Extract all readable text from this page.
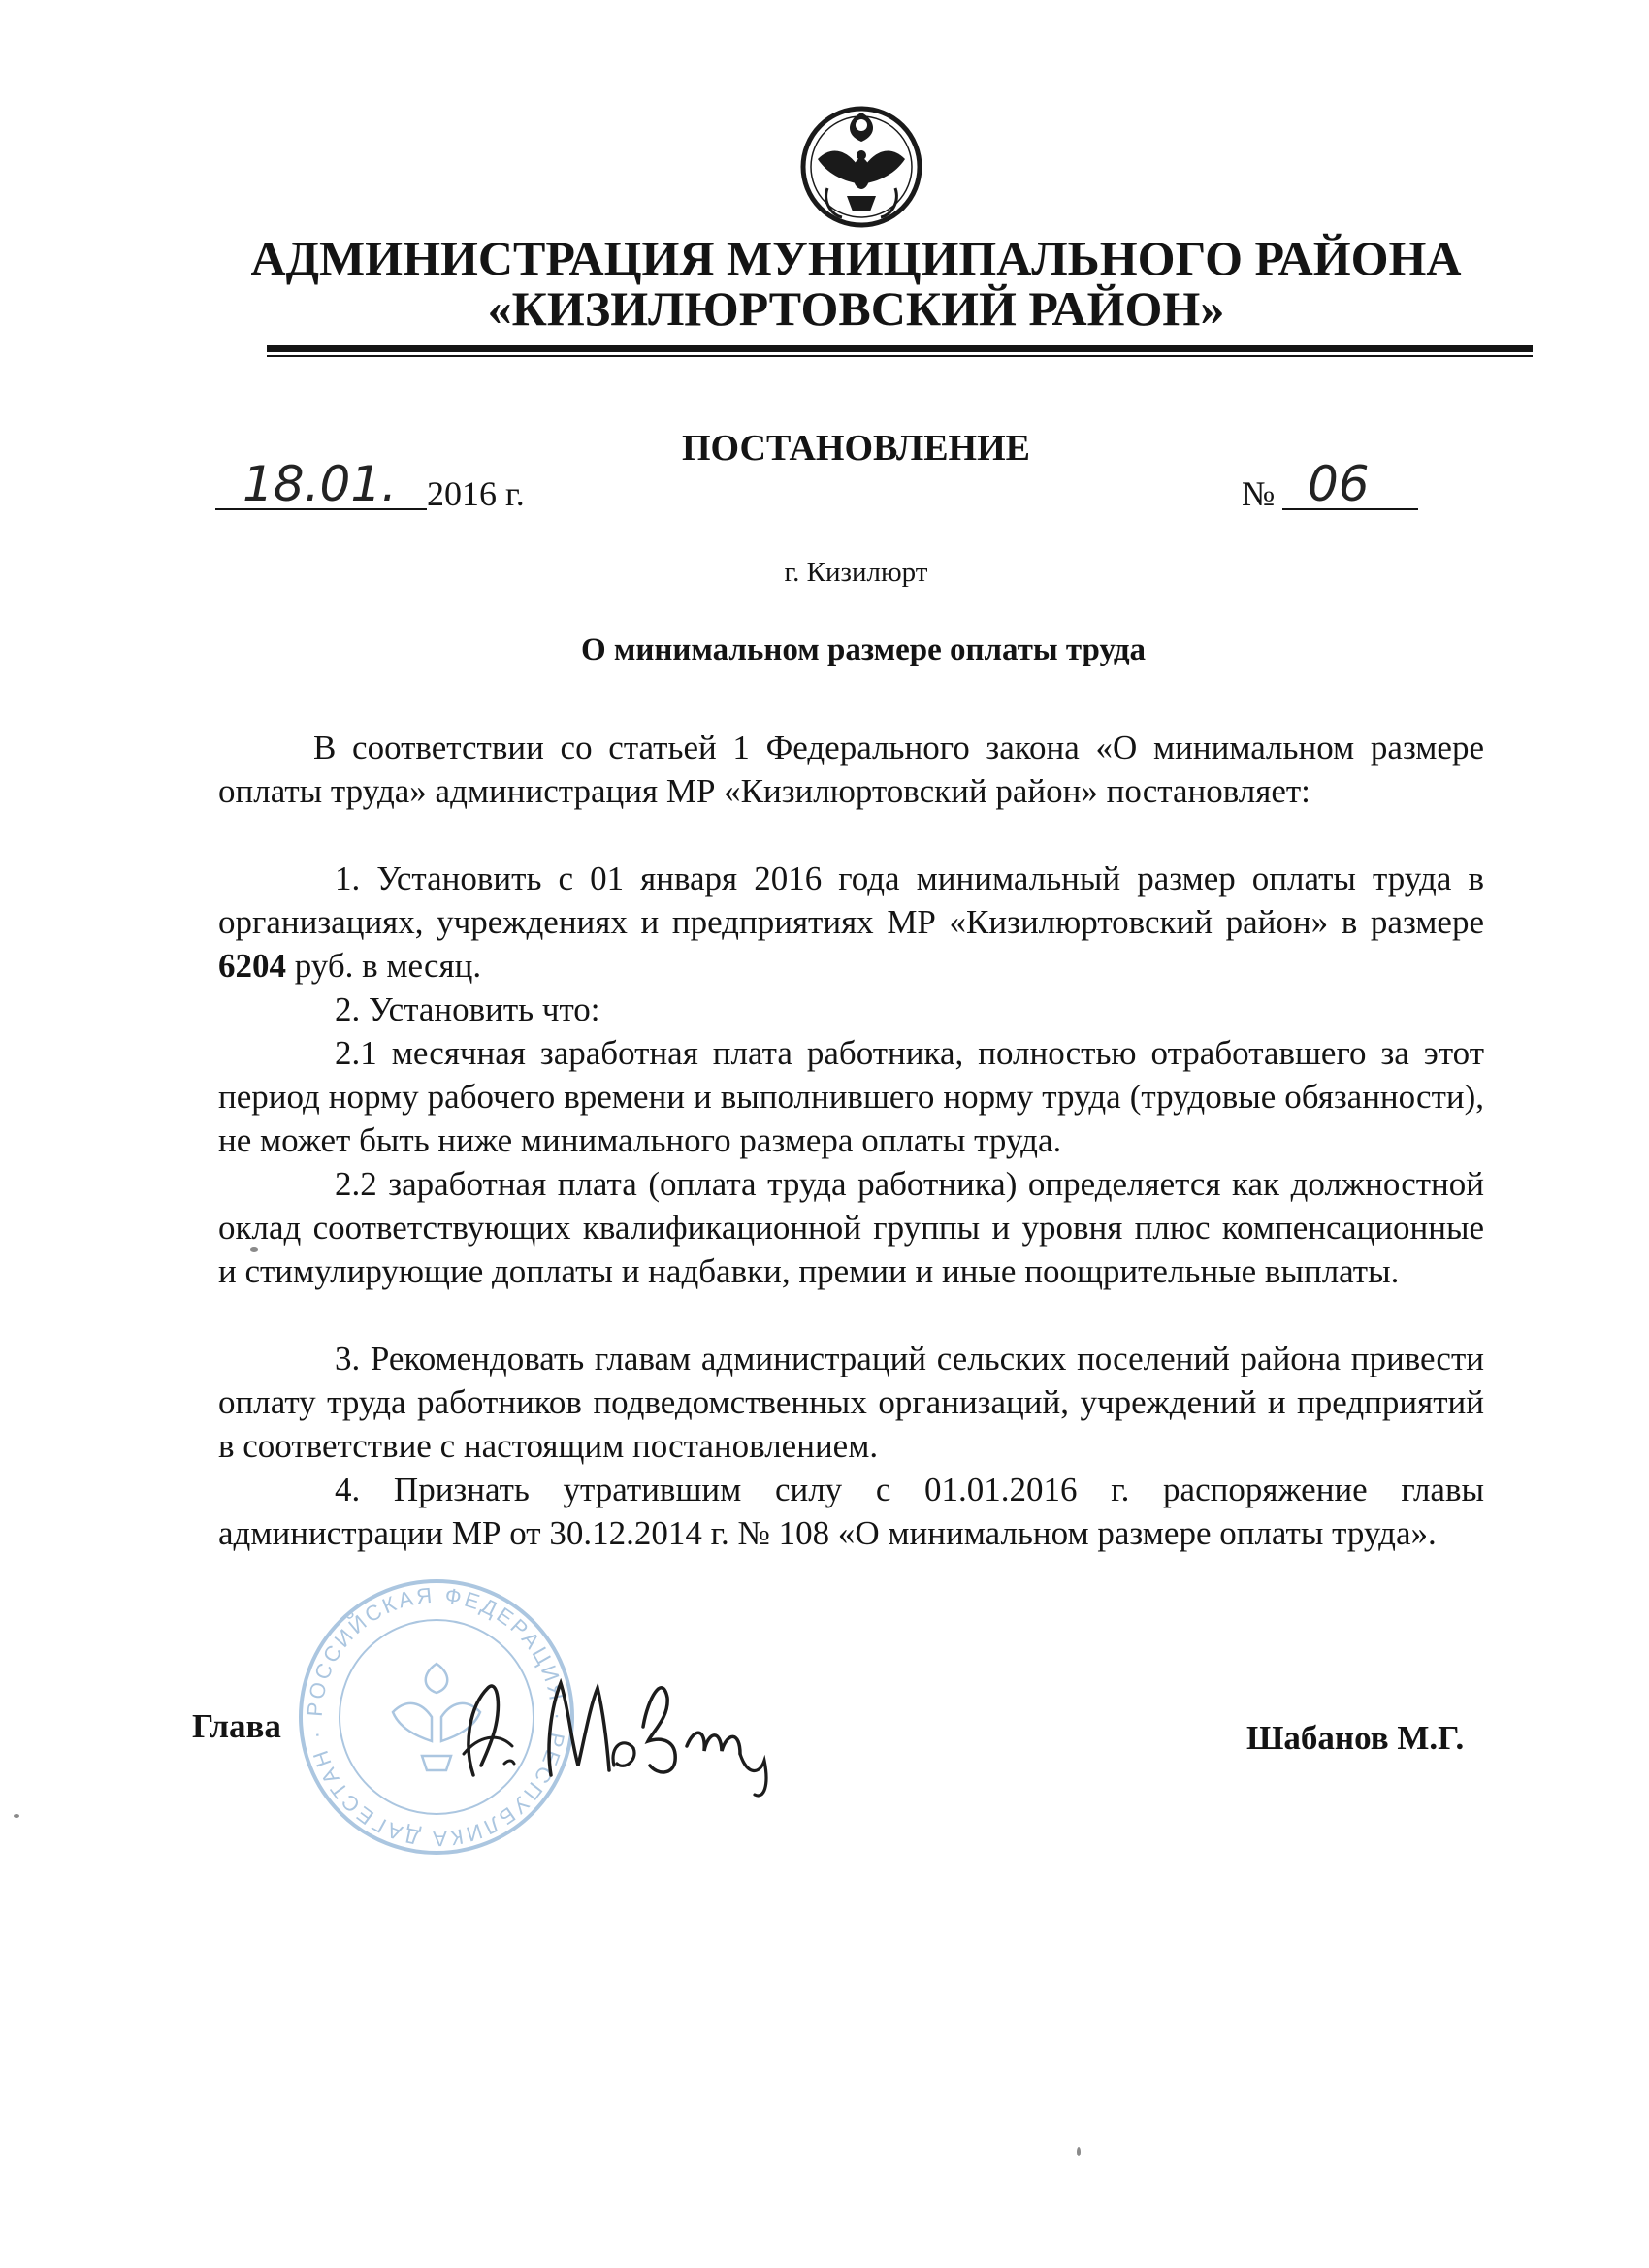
АДМИНИСТРАЦИЯ МУНИЦИПАЛЬНОГО РАЙОНА
«КИЗИЛЮРТОВСКИЙ РАЙОН»
ПОСТАНОВЛЕНИЕ
18.01. 2016 г.	№ 06
г. Кизилюрт
О минимальном размере оплаты труда
РОССИЙСКАЯ ФЕДЕРАЦИЯ · РЕСПУБЛИКА ДАГЕСТАН ·

В соответствии со статьей 1 Федерального закона «О минимальном размере оплаты труда» администрация МР «Кизилюртовский район» постановляет:

1. Установить с 01 января 2016 года минимальный размер оплаты труда в организациях, учреждениях и предприятиях МР «Кизилюртовский район» в размере 6204 руб. в месяц.

2. Установить что:

2.1 месячная заработная плата работника, полностью отработавшего за этот период норму рабочего времени и выполнившего норму труда (трудовые обязанности), не может быть ниже минимального размера оплаты труда.

2.2 заработная плата (оплата труда работника) определяется как должностной оклад соответствующих квалификационной группы и уровня плюс компенсационные и стимулирующие доплаты и надбавки, премии и иные поощрительные выплаты.

3. Рекомендовать главам администраций сельских поселений района привести оплату труда работников подведомственных организаций, учреждений и предприятий в соответствие с настоящим постановлением.

4. Признать утратившим силу с 01.01.2016 г. распоряжение главы администрации МР от 30.12.2014 г. № 108 «О минимальном размере оплаты труда».

Глава	Шабанов М.Г.
